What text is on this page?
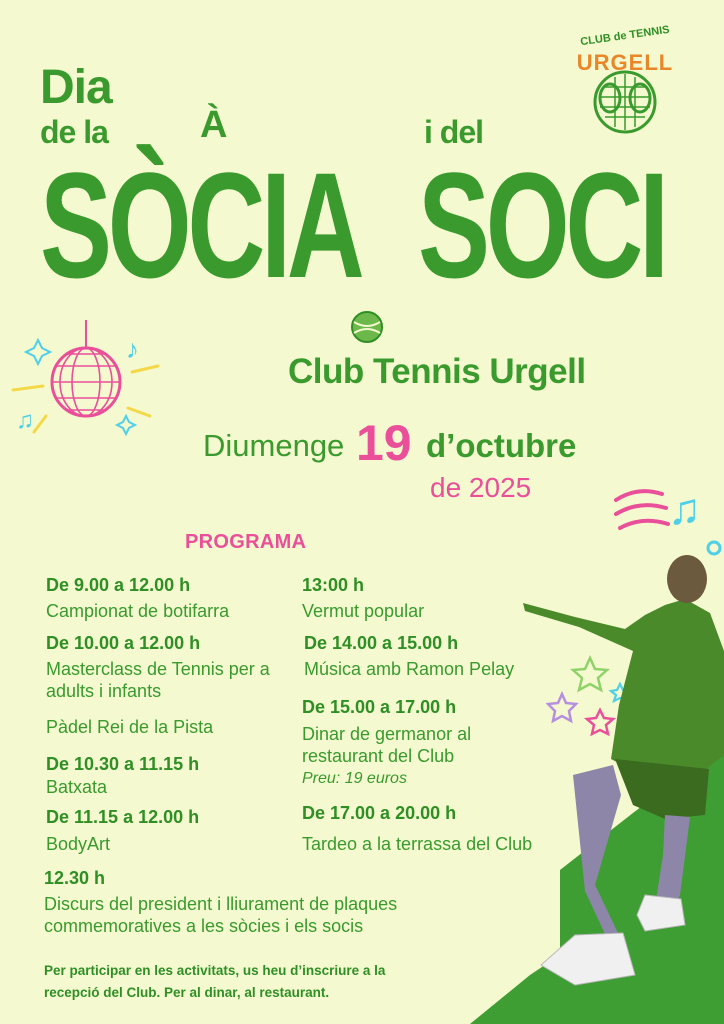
CLUB de TENNIS
URGELL
Dia
de la À	i del
SÒCIA SOCI
Club Tennis Urgell
♪
♫
Diumenge 19 d’octubre
de 2025	♫
PROGRAMA
De 9.00 a 12.00 h
Campionat de botifarra
De 10.00 a 12.00 h
Masterclass de Tennis per a adults i infants
Pàdel Rei de la Pista
De 10.30 a 11.15 h
Batxata
De 11.15 a 12.00 h
BodyArt
12.30 h
Discurs del president i lliurament de plaques commemoratives a les sòcies i els socis
13:00 h
Vermut popular
De 14.00 a 15.00 h
Música amb Ramon Pelay
De 15.00 a 17.00 h
Dinar de germanor al restaurant del Club
Preu: 19 euros
De 17.00 a 20.00 h
Tardeo a la terrassa del Club
Per participar en les activitats, us heu d’inscriure a la
recepció del Club. Per al dinar, al restaurant.
